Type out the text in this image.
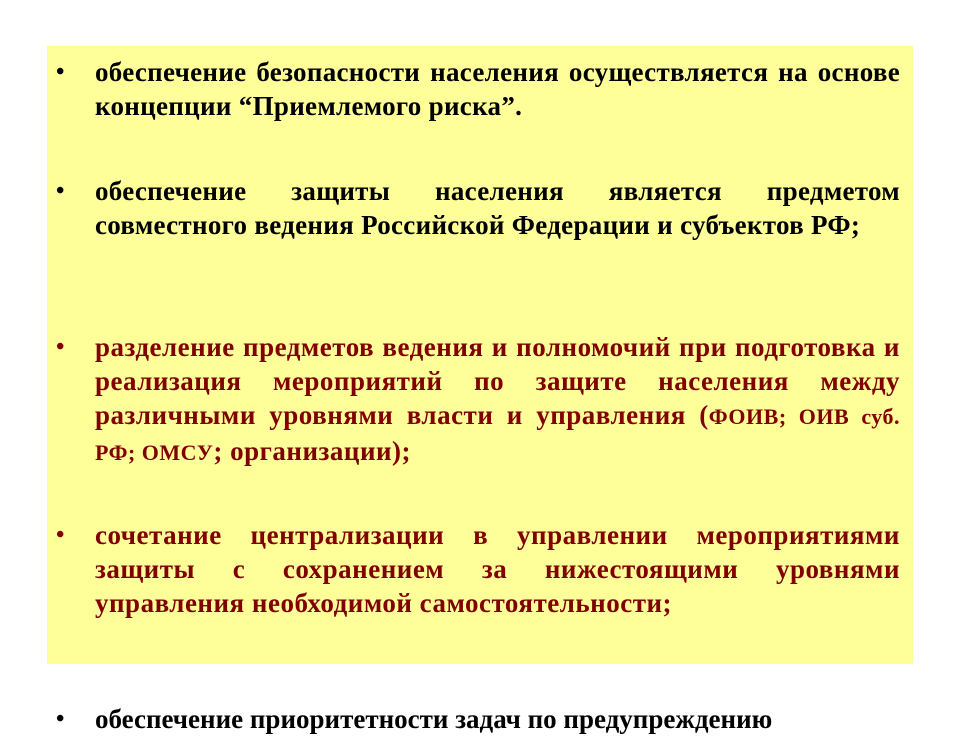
• обеспечение безопасности населения осуществляется на основе концепции “Приемлемого риска”.
• обеспечение защиты населения является предметом совместного ведения Российской Федерации и субъектов РФ;
• разделение предметов ведения и полномочий при подготовка и реализация мероприятий по защите населения между различными уровнями власти и управления (ФОИВ; ОИВ суб. РФ; ОМСУ; организации);
• сочетание централизации в управлении мероприятиями защиты с сохранением за нижестоящими уровнями управления необходимой самостоятельности;
• обеспечение приоритетности задач по предупреждению
